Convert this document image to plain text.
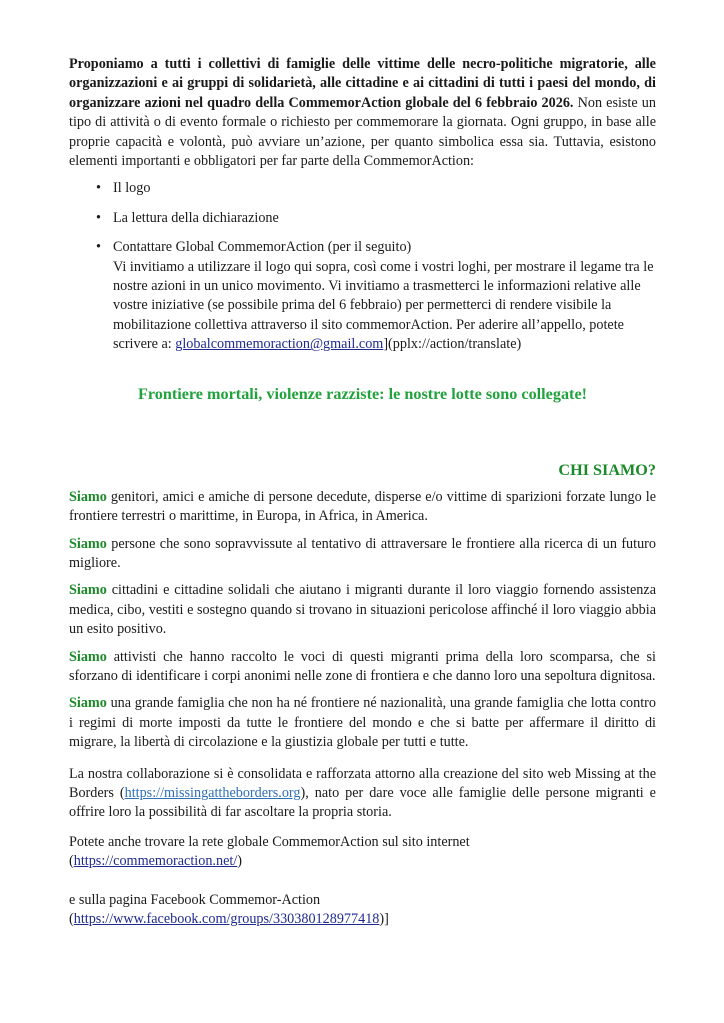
Proponiamo a tutti i collettivi di famiglie delle vittime delle necro-politiche migratorie, alle organizzazioni e ai gruppi di solidarietà, alle cittadine e ai cittadini di tutti i paesi del mondo, di organizzare azioni nel quadro della CommemorAction globale del 6 febbraio 2026. Non esiste un tipo di attività o di evento formale o richiesto per commemorare la giornata. Ogni gruppo, in base alle proprie capacità e volontà, può avviare un’azione, per quanto simbolica essa sia. Tuttavia, esistono elementi importanti e obbligatori per far parte della CommemorAction:

• Il logo
• La lettura della dichiarazione
• Contattare Global CommemorAction (per il seguito)
Vi invitiamo a utilizzare il logo qui sopra, così come i vostri loghi, per mostrare il legame tra le nostre azioni in un unico movimento. Vi invitiamo a trasmetterci le informazioni relative alle vostre iniziative (se possibile prima del 6 febbraio) per permetterci di rendere visibile la mobilitazione collettiva attraverso il sito commemorAction. Per aderire all’appello, potete scrivere a: globalcommemoraction@gmail.com](pplx://action/translate)
Frontiere mortali, violenze razziste: le nostre lotte sono collegate!
CHI SIAMO?

Siamo genitori, amici e amiche di persone decedute, disperse e/o vittime di sparizioni forzate lungo le frontiere terrestri o marittime, in Europa, in Africa, in America.

Siamo persone che sono sopravvissute al tentativo di attraversare le frontiere alla ricerca di un futuro migliore.

Siamo cittadini e cittadine solidali che aiutano i migranti durante il loro viaggio fornendo assistenza medica, cibo, vestiti e sostegno quando si trovano in situazioni pericolose affinché il loro viaggio abbia un esito positivo.

Siamo attivisti che hanno raccolto le voci di questi migranti prima della loro scomparsa, che si sforzano di identificare i corpi anonimi nelle zone di frontiera e che danno loro una sepoltura dignitosa.

Siamo una grande famiglia che non ha né frontiere né nazionalità, una grande famiglia che lotta contro i regimi di morte imposti da tutte le frontiere del mondo e che si batte per affermare il diritto di migrare, la libertà di circolazione e la giustizia globale per tutti e tutte.

La nostra collaborazione si è consolidata e rafforzata attorno alla creazione del sito web Missing at the Borders (https://missingattheborders.org), nato per dare voce alle famiglie delle persone migranti e offrire loro la possibilità di far ascoltare la propria storia.

Potete anche trovare la rete globale CommemorAction sul sito internet
(https://commemoraction.net/)

e sulla pagina Facebook Commemor-Action
(https://www.facebook.com/groups/330380128977418)]
